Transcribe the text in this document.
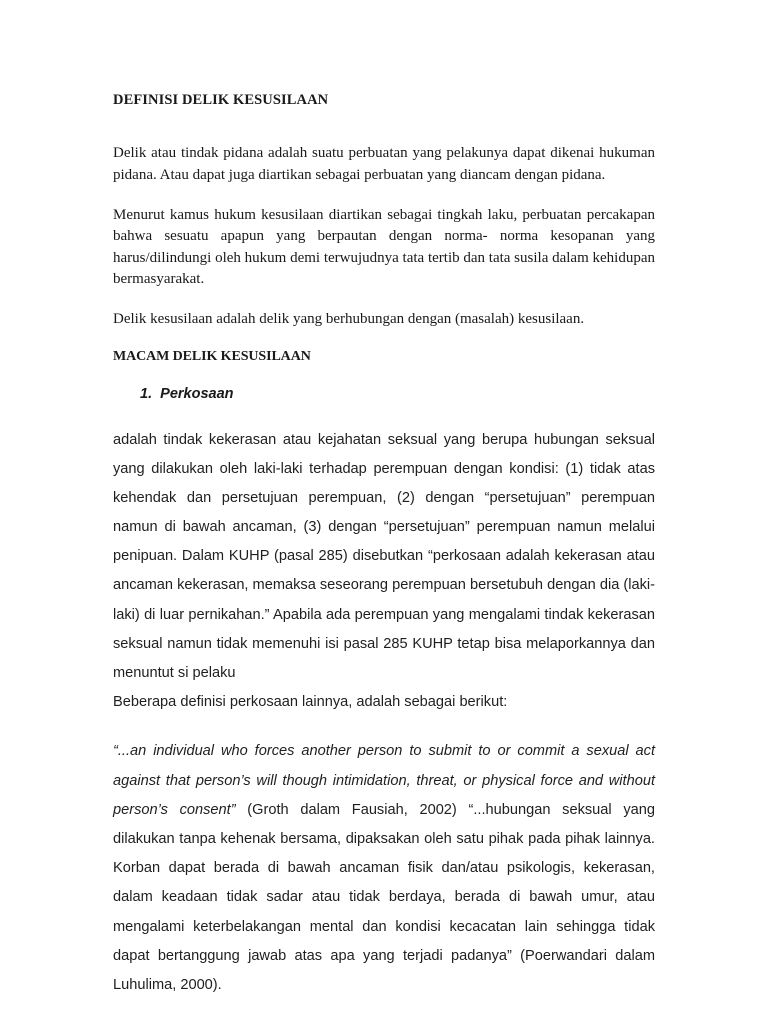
DEFINISI DELIK KESUSILAAN

Delik atau tindak pidana adalah suatu perbuatan yang pelakunya dapat dikenai hukuman pidana. Atau dapat juga diartikan sebagai perbuatan yang diancam dengan pidana.

Menurut kamus hukum kesusilaan diartikan sebagai tingkah laku, perbuatan percakapan bahwa sesuatu apapun yang berpautan dengan norma- norma kesopanan yang harus/dilindungi oleh hukum demi terwujudnya tata tertib dan tata susila dalam kehidupan bermasyarakat.

Delik kesusilaan adalah delik yang berhubungan dengan (masalah) kesusilaan.

MACAM DELIK KESUSILAAN
1.  Perkosaan

adalah tindak kekerasan atau kejahatan seksual yang berupa hubungan seksual yang dilakukan oleh laki-laki terhadap perempuan dengan kondisi: (1) tidak atas kehendak dan persetujuan perempuan, (2) dengan “persetujuan” perempuan namun di bawah ancaman, (3) dengan “persetujuan” perempuan namun melalui penipuan. Dalam KUHP (pasal 285) disebutkan “perkosaan adalah kekerasan atau ancaman kekerasan, memaksa seseorang perempuan bersetubuh dengan dia (laki-laki) di luar pernikahan.” Apabila ada perempuan yang mengalami tindak kekerasan seksual namun tidak memenuhi isi pasal 285 KUHP tetap bisa melaporkannya dan menuntut si pelaku

Beberapa definisi perkosaan lainnya, adalah sebagai berikut:

“...an individual who forces another person to submit to or commit a sexual act against that person’s will though intimidation, threat, or physical force and without person’s consent” (Groth dalam Fausiah, 2002) “...hubungan seksual yang dilakukan tanpa kehenak bersama, dipaksakan oleh satu pihak pada pihak lainnya. Korban dapat berada di bawah ancaman fisik dan/atau psikologis, kekerasan, dalam keadaan tidak sadar atau tidak berdaya, berada di bawah umur, atau mengalami keterbelakangan mental dan kondisi kecacatan lain sehingga tidak dapat bertanggung jawab atas apa yang terjadi padanya” (Poerwandari dalam Luhulima, 2000).
